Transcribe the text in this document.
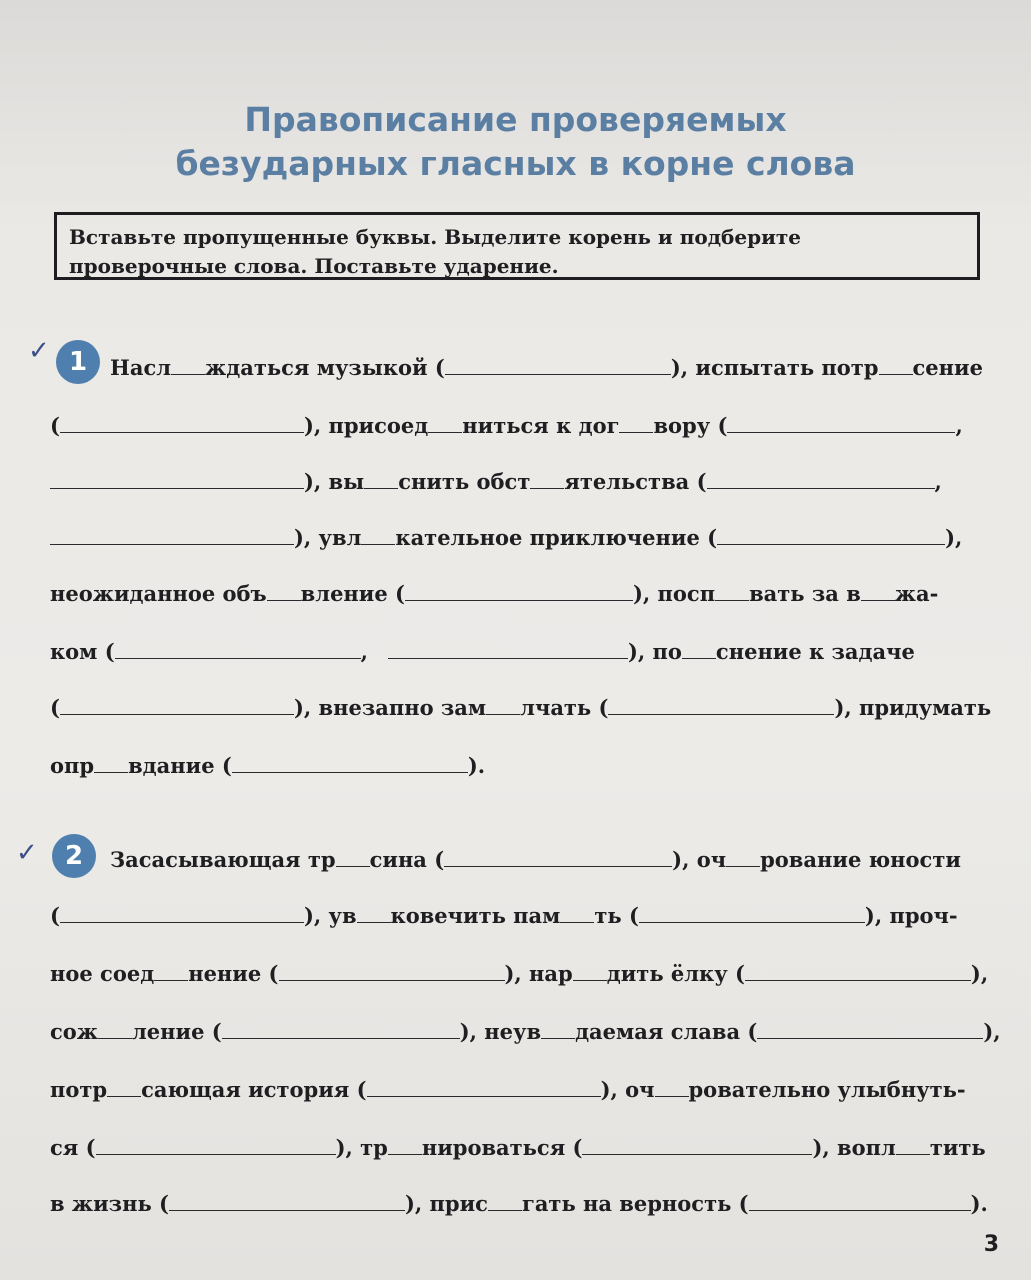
Правописание проверяемых
безударных гласных в корне слова
Вставьте пропущенные буквы. Выделите корень и подберите проверочные слова. Поставьте ударение.
✓ 1	Насл ждаться музыкой (	), испытать потр сение
(	), присоед ниться к дог вору (	,
), вы снить обст ятельства (	,
), увл кательное приключение (	),
неожиданное объ вление (	), посп вать за в жа-
ком (	,	), по снение к задаче
(	), внезапно зам лчать (	), придумать
опр вдание (	).
✓	2	Засасывающая тр сина (	), оч рование юности
(	), ув ковечить пам ть (	), проч-
ное соед нение (	), нар дить ёлку (	),
сож ление (	), неув даемая слава (	),
потр сающая история (	), оч ровательно улыбнуть-
ся (	), тр нироваться (	), вопл тить
в жизнь (	), прис гать на верность (	).
3
